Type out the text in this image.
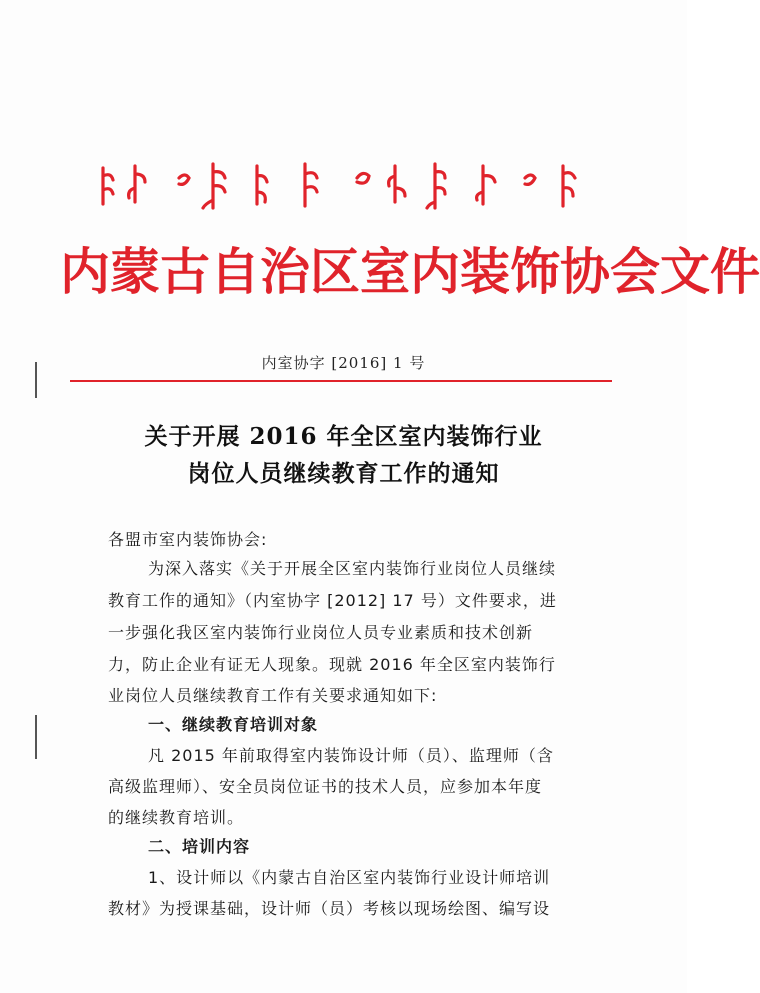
内蒙古自治区室内装饰协会文件
内室协字 [2016] 1 号
关于开展 2016 年全区室内装饰行业
岗位人员继续教育工作的通知
各盟市室内装饰协会:
为深入落实《关于开展全区室内装饰行业岗位人员继续
教育工作的通知》（内室协字 [2012] 17 号）文件要求，进
一步强化我区室内装饰行业岗位人员专业素质和技术创新
力，防止企业有证无人现象。现就 2016 年全区室内装饰行
业岗位人员继续教育工作有关要求通知如下:
一、继续教育培训对象
凡 2015 年前取得室内装饰设计师（员）、监理师（含
高级监理师）、安全员岗位证书的技术人员，应参加本年度
的继续教育培训。
二、培训内容
1、设计师以《内蒙古自治区室内装饰行业设计师培训
教材》为授课基础，设计师（员）考核以现场绘图、编写设
